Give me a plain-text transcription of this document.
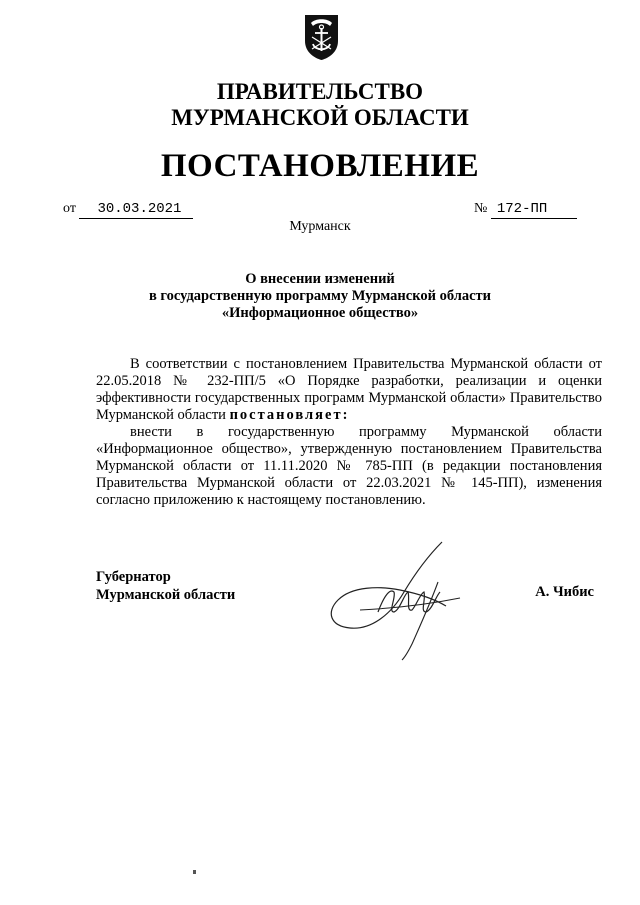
ПРАВИТЕЛЬСТВО
МУРМАНСКОЙ ОБЛАСТИ
ПОСТАНОВЛЕНИЕ
от 30.03.2021	№ 172-ПП
Мурманск
О внесении изменений
в государственную программу Мурманской области
«Информационное общество»

В соответствии с постановлением Правительства Мурманской области от 22.05.2018 № 232-ПП/5 «О Порядке разработки, реализации и оценки эффективности государственных программ Мурманской области» Правительство Мурманской области постановляет:

внести в государственную программу Мурманской области «Информационное общество», утвержденную постановлением Правительства Мурманской области от 11.11.2020 № 785-ПП (в редакции постановления Правительства Мурманской области от 22.03.2021 № 145-ПП), изменения согласно приложению к настоящему постановлению.

Губернатор
Мурманской области	А. Чибис
